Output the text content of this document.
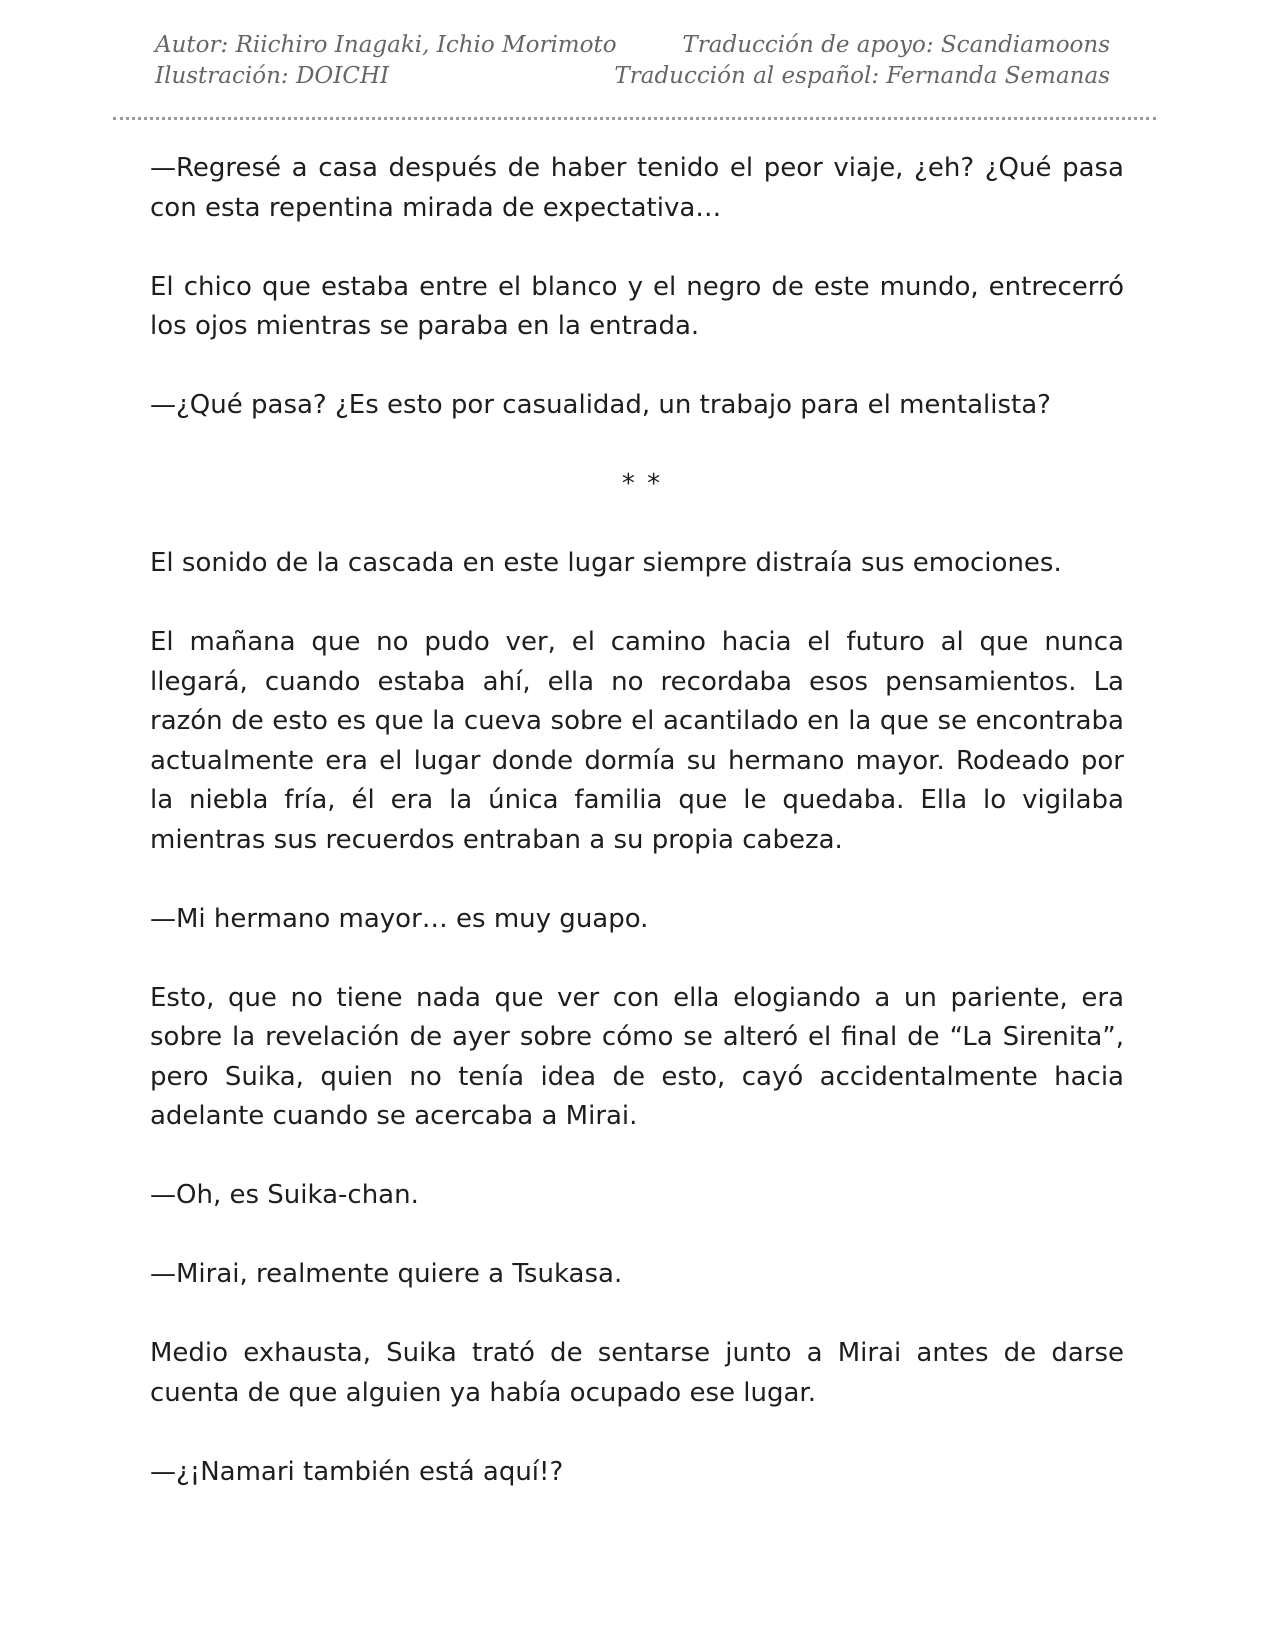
Autor: Riichiro Inagaki, Ichio Morimoto	Traducción de apoyo: Scandiamoons
Ilustración: DOICHI	Traducción al español: Fernanda Semanas

—Regresé a casa después de haber tenido el peor viaje, ¿eh? ¿Qué pasa con esta repentina mirada de expectativa…

El chico que estaba entre el blanco y el negro de este mundo, entrecerró los ojos mientras se paraba en la entrada.

—¿Qué pasa? ¿Es esto por casualidad, un trabajo para el mentalista?

* *

El sonido de la cascada en este lugar siempre distraía sus emociones.

El mañana que no pudo ver, el camino hacia el futuro al que nunca llegará, cuando estaba ahí, ella no recordaba esos pensamientos. La razón de esto es que la cueva sobre el acantilado en la que se encontraba actualmente era el lugar donde dormía su hermano mayor. Rodeado por la niebla fría, él era la única familia que le quedaba. Ella lo vigilaba mientras sus recuerdos entraban a su propia cabeza.

—Mi hermano mayor… es muy guapo.

Esto, que no tiene nada que ver con ella elogiando a un pariente, era sobre la revelación de ayer sobre cómo se alteró el final de “La Sirenita”, pero Suika, quien no tenía idea de esto, cayó accidentalmente hacia adelante cuando se acercaba a Mirai.

—Oh, es Suika-chan.

—Mirai, realmente quiere a Tsukasa.

Medio exhausta, Suika trató de sentarse junto a Mirai antes de darse cuenta de que alguien ya había ocupado ese lugar.

—¿¡Namari también está aquí!?
